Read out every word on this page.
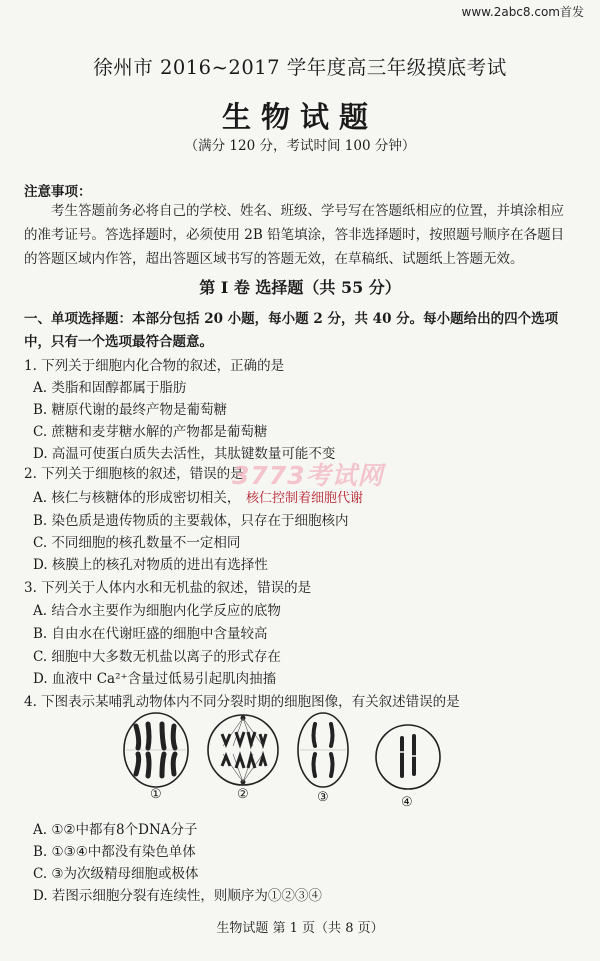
www.2abc8.com首发
徐州市 2016~2017 学年度高三年级摸底考试
生物试题
（满分 120 分，考试时间 100 分钟）
注意事项：
考生答题前务必将自己的学校、姓名、班级、学号写在答题纸相应的位置，并填涂相应的准考证号。答选择题时，必须使用 2B 铅笔填涂，答非选择题时，按照题号顺序在各题目的答题区域内作答，超出答题区域书写的答题无效，在草稿纸、试题纸上答题无效。
第 I 卷 选择题（共 55 分）
一、单项选择题：本部分包括 20 小题，每小题 2 分，共 40 分。每小题给出的四个选项中，只有一个选项最符合题意。
1. 下列关于细胞内化合物的叙述，正确的是
A. 类脂和固醇都属于脂肪
B. 糖原代谢的最终产物是葡萄糖
C. 蔗糖和麦芽糖水解的产物都是葡萄糖
D. 高温可使蛋白质失去活性，其肽键数量可能不变
2. 下列关于细胞核的叙述，错误的是
3773考试网
A. 核仁与核糖体的形成密切相关， 核仁控制着细胞代谢
B. 染色质是遗传物质的主要载体，只存在于细胞核内
C. 不同细胞的核孔数量不一定相同
D. 核膜上的核孔对物质的进出有选择性
3. 下列关于人体内水和无机盐的叙述，错误的是
A. 结合水主要作为细胞内化学反应的底物
B. 自由水在代谢旺盛的细胞中含量较高
C. 细胞中大多数无机盐以离子的形式存在
D. 血液中 Ca²⁺含量过低易引起肌肉抽搐
4. 下图表示某哺乳动物体内不同分裂时期的细胞图像，有关叙述错误的是
①	②	③	④
A. ①②中都有8个DNA分子
B. ①③④中都没有染色单体
C. ③为次级精母细胞或极体
D. 若图示细胞分裂有连续性，则顺序为①②③④
生物试题 第 1 页（共 8 页）
